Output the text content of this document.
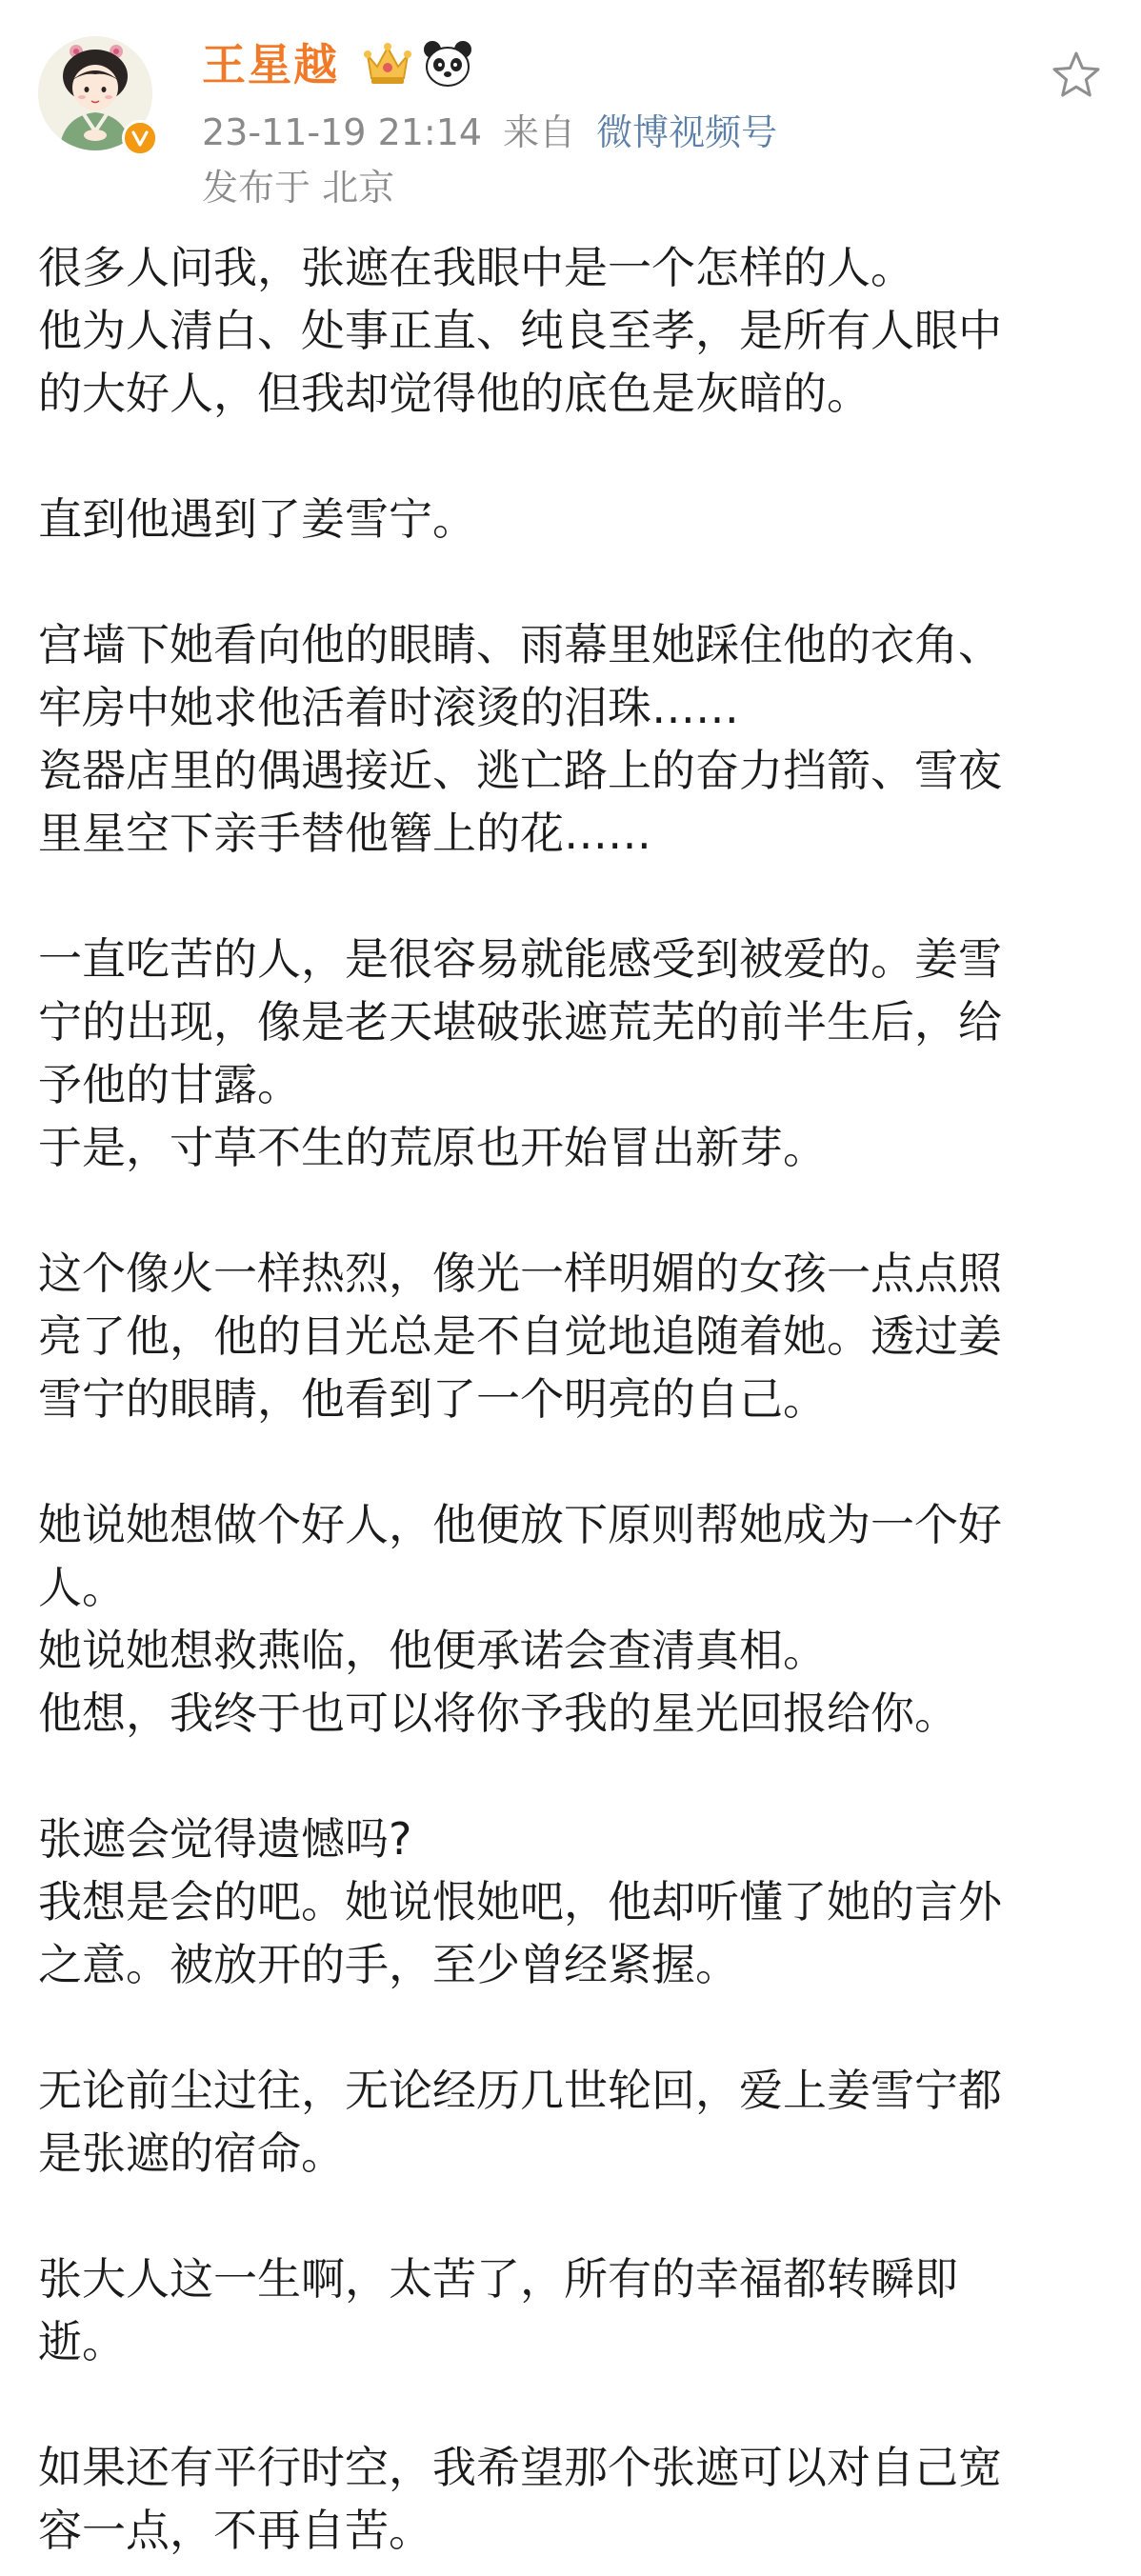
王星越
23-11-19 21:14 来自 微博视频号
发布于 北京
很多人问我，张遮在我眼中是一个怎样的人。
他为人清白、处事正直、纯良至孝，是所有人眼中
的大好人，但我却觉得他的底色是灰暗的。
直到他遇到了姜雪宁。
宫墙下她看向他的眼睛、雨幕里她踩住他的衣角、
牢房中她求他活着时滚烫的泪珠……
瓷器店里的偶遇接近、逃亡路上的奋力挡箭、雪夜
里星空下亲手替他簪上的花……
一直吃苦的人，是很容易就能感受到被爱的。姜雪
宁的出现，像是老天堪破张遮荒芜的前半生后，给
予他的甘露。
于是，寸草不生的荒原也开始冒出新芽。
这个像火一样热烈，像光一样明媚的女孩一点点照
亮了他，他的目光总是不自觉地追随着她。透过姜
雪宁的眼睛，他看到了一个明亮的自己。
她说她想做个好人，他便放下原则帮她成为一个好
人。
她说她想救燕临，他便承诺会查清真相。
他想，我终于也可以将你予我的星光回报给你。
张遮会觉得遗憾吗?
我想是会的吧。她说恨她吧，他却听懂了她的言外
之意。被放开的手，至少曾经紧握。
无论前尘过往，无论经历几世轮回，爱上姜雪宁都
是张遮的宿命。
张大人这一生啊，太苦了，所有的幸福都转瞬即
逝。
如果还有平行时空，我希望那个张遮可以对自己宽
容一点，不再自苦。
